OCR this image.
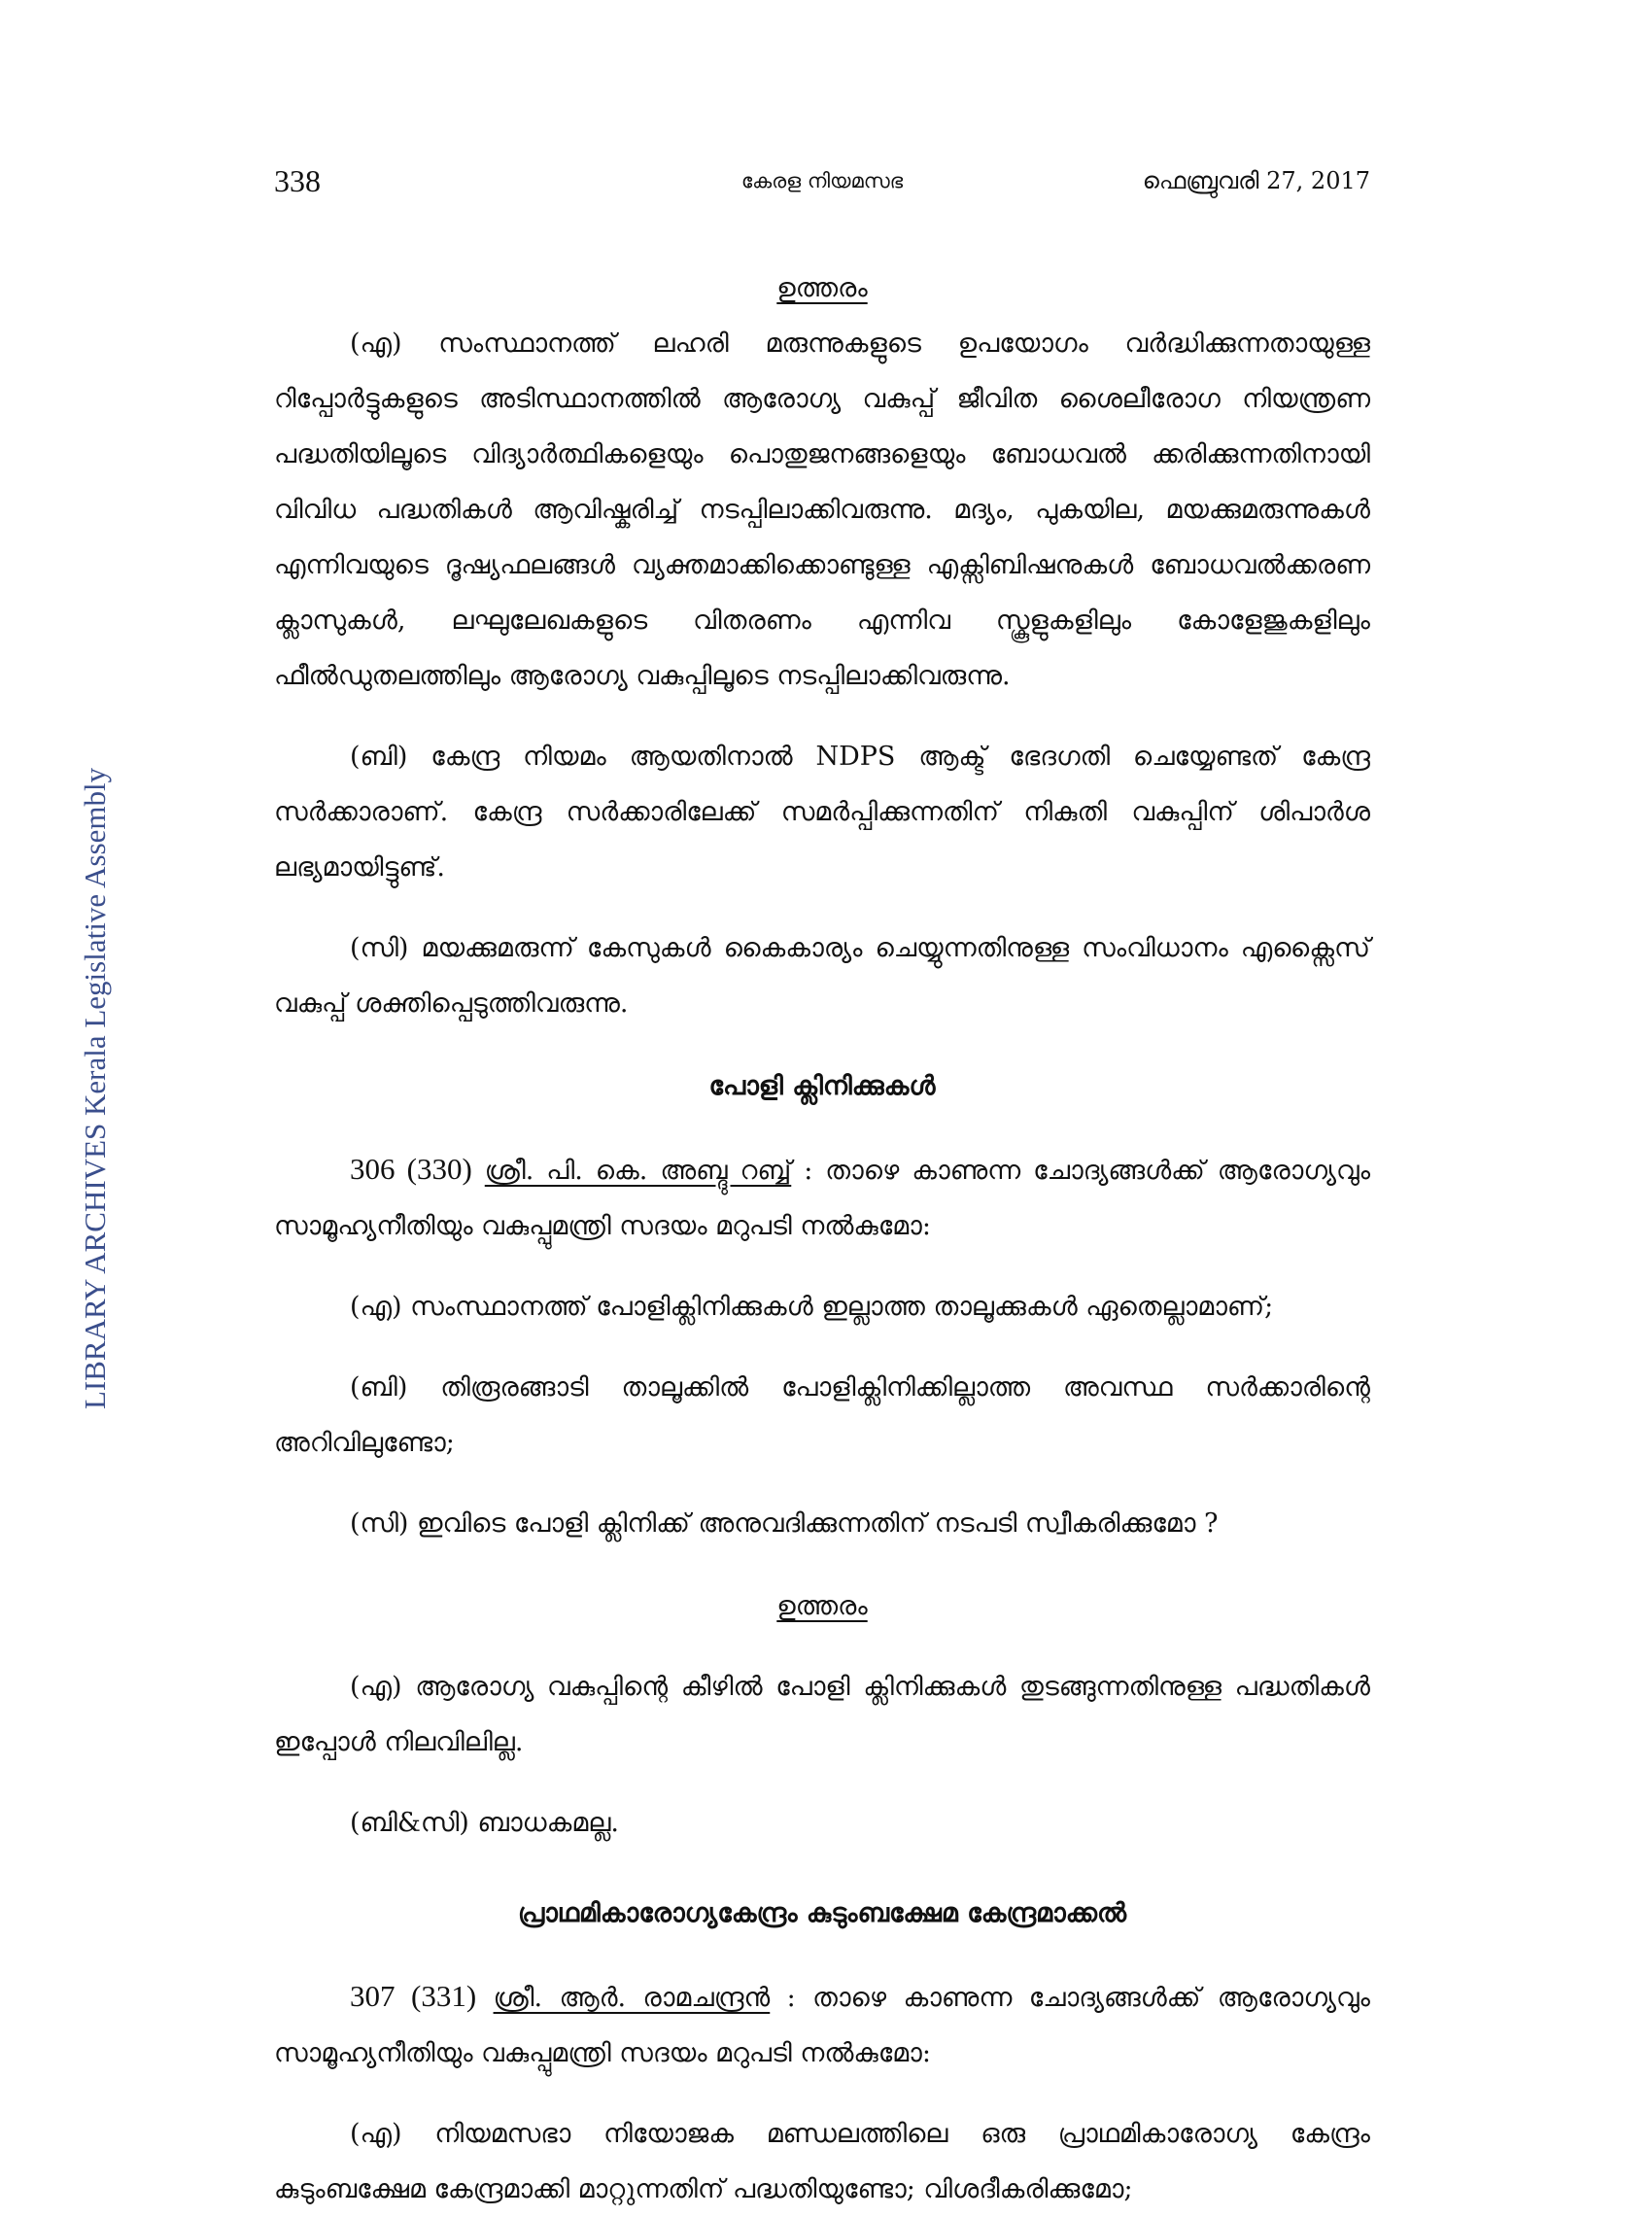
338	കേരള നിയമസഭ	ഫെബ്രുവരി 27, 2017
LIBRARY ARCHIVES Kerala Legislative Assembly

ഉത്തരം

(എ) സംസ്ഥാനത്ത് ലഹരി മരുന്നുകളുടെ ഉപയോഗം വർദ്ധിക്കുന്നതായുള്ള റിപ്പോർട്ടുകളുടെ അടിസ്ഥാനത്തിൽ ആരോഗ്യ വകുപ്പ് ജീവിത ശൈലീരോഗ നിയന്ത്രണ പദ്ധതിയിലൂടെ വിദ്യാർത്ഥികളെയും പൊതുജനങ്ങളെയും ബോധവൽ ക്കരിക്കുന്നതിനായി വിവിധ പദ്ധതികൾ ആവിഷ്കരിച്ച് നടപ്പിലാക്കിവരുന്നു. മദ്യം, പുകയില, മയക്കുമരുന്നുകൾ എന്നിവയുടെ ദൂഷ്യഫലങ്ങൾ വ്യക്തമാക്കിക്കൊണ്ടുള്ള എക്സിബിഷനുകൾ ബോധവൽക്കരണ ക്ലാസുകൾ, ലഘുലേഖകളുടെ വിതരണം എന്നിവ സ്കൂളുകളിലും കോളേജുകളിലും ഫീൽഡുതലത്തിലും ആരോഗ്യ വകുപ്പിലൂടെ നടപ്പിലാക്കിവരുന്നു.

(ബി) കേന്ദ്ര നിയമം ആയതിനാൽ NDPS ആക്ട് ഭേദഗതി ചെയ്യേണ്ടത് കേന്ദ്ര സർക്കാരാണ്. കേന്ദ്ര സർക്കാരിലേക്ക് സമർപ്പിക്കുന്നതിന് നികുതി വകുപ്പിന് ശിപാർശ ലഭ്യമായിട്ടുണ്ട്.

(സി) മയക്കുമരുന്ന് കേസുകൾ കൈകാര്യം ചെയ്യുന്നതിനുള്ള സംവിധാനം എക്സൈസ് വകുപ്പ് ശക്തിപ്പെടുത്തിവരുന്നു.

പോളി ക്ലിനിക്കുകൾ

306 (330) ശ്രീ. പി. കെ. അബ്ദു റബ്ബ് : താഴെ കാണുന്ന ചോദ്യങ്ങൾക്ക് ആരോഗ്യവും സാമൂഹ്യനീതിയും വകുപ്പുമന്ത്രി സദയം മറുപടി നൽകുമോ:

(എ) സംസ്ഥാനത്ത് പോളിക്ലിനിക്കുകൾ ഇല്ലാത്ത താലൂക്കുകൾ ഏതെല്ലാമാണ്;

(ബി) തിരൂരങ്ങാടി താലൂക്കിൽ പോളിക്ലിനിക്കില്ലാത്ത അവസ്ഥ സർക്കാരിന്റെ അറിവിലുണ്ടോ;

(സി) ഇവിടെ പോളി ക്ലിനിക്ക് അനുവദിക്കുന്നതിന് നടപടി സ്വീകരിക്കുമോ ?

ഉത്തരം

(എ) ആരോഗ്യ വകുപ്പിന്റെ കീഴിൽ പോളി ക്ലിനിക്കുകൾ തുടങ്ങുന്നതിനുള്ള പദ്ധതികൾ ഇപ്പോൾ നിലവിലില്ല.

(ബി&സി) ബാധകമല്ല.

പ്രാഥമികാരോഗ്യകേന്ദ്രം കുടുംബക്ഷേമ കേന്ദ്രമാക്കൽ

307 (331) ശ്രീ. ആർ. രാമചന്ദ്രൻ : താഴെ കാണുന്ന ചോദ്യങ്ങൾക്ക് ആരോഗ്യവും സാമൂഹ്യനീതിയും വകുപ്പുമന്ത്രി സദയം മറുപടി നൽകുമോ:

(എ) നിയമസഭാ നിയോജക മണ്ഡലത്തിലെ ഒരു പ്രാഥമികാരോഗ്യ കേന്ദ്രം കുടുംബക്ഷേമ കേന്ദ്രമാക്കി മാറ്റുന്നതിന് പദ്ധതിയുണ്ടോ; വിശദീകരിക്കുമോ;
